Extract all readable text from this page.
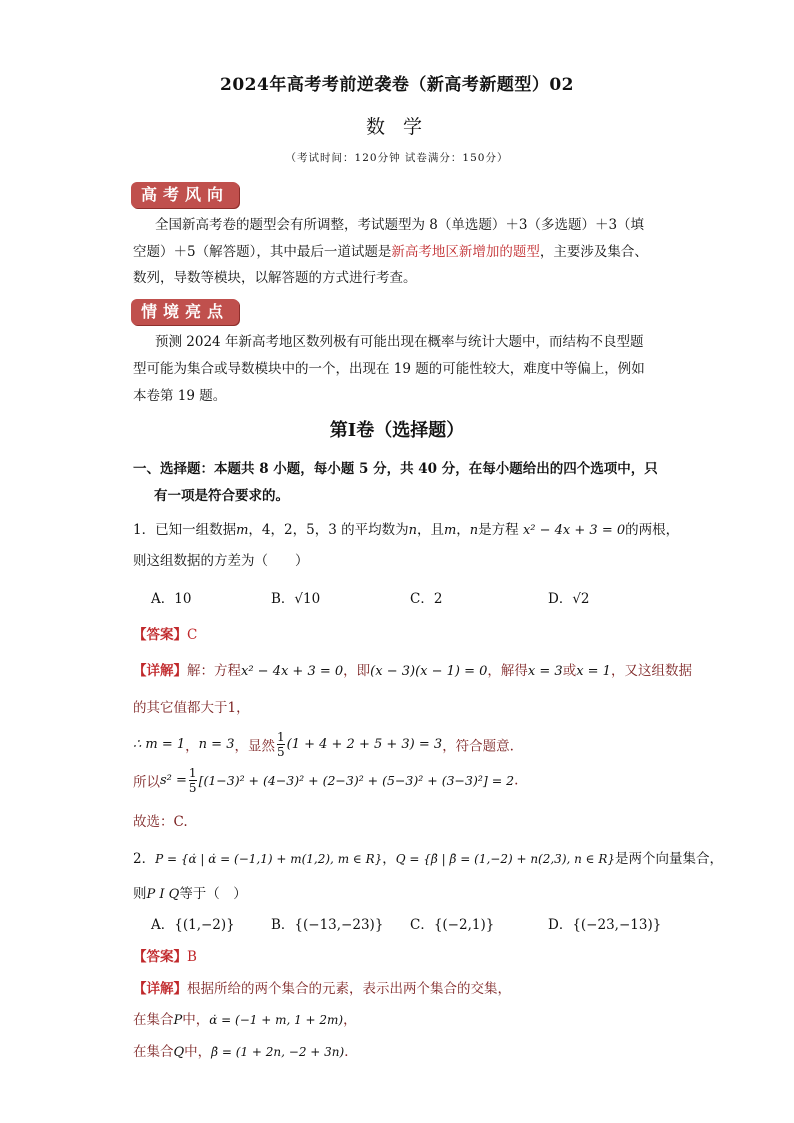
2024年高考考前逆袭卷（新高考新题型）02
数 学
（考试时间：120分钟 试卷满分：150分）
高考风向
全国新高考卷的题型会有所调整，考试题型为 8（单选题）＋3（多选题）＋3（填
空题）＋5（解答题），其中最后一道试题是新高考地区新增加的题型，主要涉及集合、
数列，导数等模块，以解答题的方式进行考查。
情境亮点
预测 2024 年新高考地区数列极有可能出现在概率与统计大题中，而结构不良型题
型可能为集合或导数模块中的一个，出现在 19 题的可能性较大，难度中等偏上，例如
本卷第 19 题。
第Ⅰ卷（选择题）
一、选择题：本题共 8 小题，每小题 5 分，共 40 分，在每小题给出的四个选项中，只
有一项是符合要求的。
1．已知一组数据m，4，2，5，3 的平均数为n，且m，n是方程 x² − 4x + 3 = 0的两根，
则这组数据的方差为（　　）
A．10	B．√10	C．2	D．√2
【答案】C
【详解】解：方程x² − 4x + 3 = 0，即(x − 3)(x − 1) = 0，解得x = 3或x = 1，又这组数据
的其它值都大于1，
∴ m = 1，n = 3，显然 $\frac{1}{5} (1 + 4 + 2 + 5 + 3) = 3$，符合题意.
所以$s^2 = \frac{1}{5} [(1-3)^2 + (4-3)^2 + (2-3)^2 + (5-3)^2 + (3-3)^2] = 2$.
故选：C.
2．P = {α̇ | α̇ = (−1,1) + m(1,2), m ∈ R}，Q = {β̇ | β̇ = (1,−2) + n(2,3), n ∈ R}是两个向量集合，
则P I Q等于（　）
A．{(1,−2)}	B．{(−13,−23)} C．{(−2,1)}	D．{(−23,−13)}
【答案】B
【详解】根据所给的两个集合的元素，表示出两个集合的交集，
在集合P中，α̇ = (−1 + m, 1 + 2m)，
在集合Q中，β̇ = (1 + 2n, −2 + 3n)．
